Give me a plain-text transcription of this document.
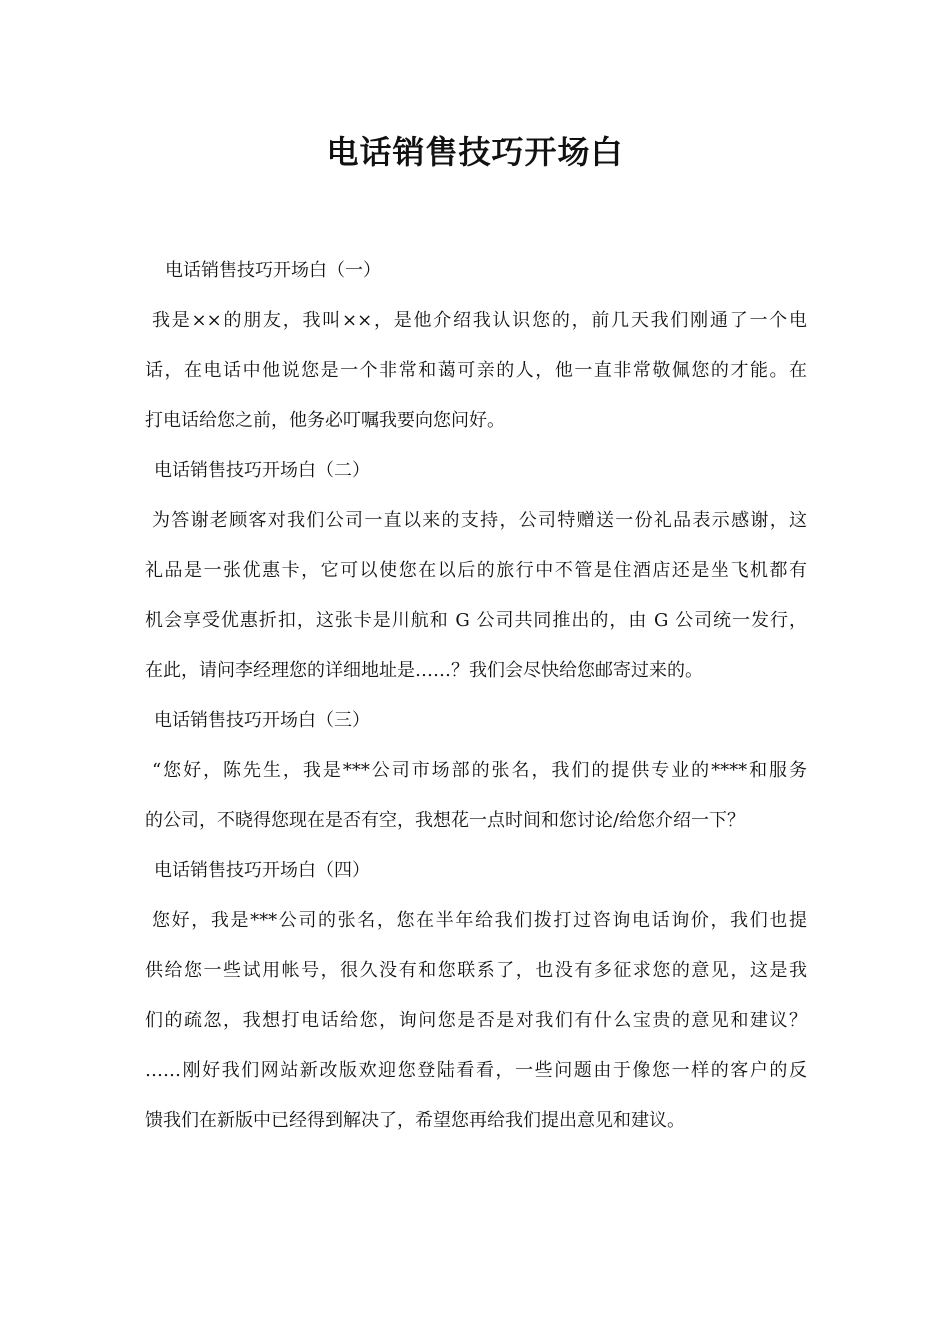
电话销售技巧开场白
电话销售技巧开场白（一）
我是××的朋友，我叫××，是他介绍我认识您的，前几天我们刚通了一个电
话，在电话中他说您是一个非常和蔼可亲的人，他一直非常敬佩您的才能。在
打电话给您之前，他务必叮嘱我要向您问好。
电话销售技巧开场白（二）
为答谢老顾客对我们公司一直以来的支持，公司特赠送一份礼品表示感谢，这
礼品是一张优惠卡，它可以使您在以后的旅行中不管是住酒店还是坐飞机都有
机会享受优惠折扣，这张卡是川航和 G 公司共同推出的，由 G 公司统一发行，
在此，请问李经理您的详细地址是……？我们会尽快给您邮寄过来的。
电话销售技巧开场白（三）
“您好，陈先生，我是***公司市场部的张名，我们的提供专业的****和服务
的公司，不晓得您现在是否有空，我想花一点时间和您讨论/给您介绍一下？
电话销售技巧开场白（四）
您好，我是***公司的张名，您在半年给我们拨打过咨询电话询价，我们也提
供给您一些试用帐号，很久没有和您联系了，也没有多征求您的意见，这是我
们的疏忽，我想打电话给您，询问您是否是对我们有什么宝贵的意见和建议？
……刚好我们网站新改版欢迎您登陆看看，一些问题由于像您一样的客户的反
馈我们在新版中已经得到解决了，希望您再给我们提出意见和建议。
